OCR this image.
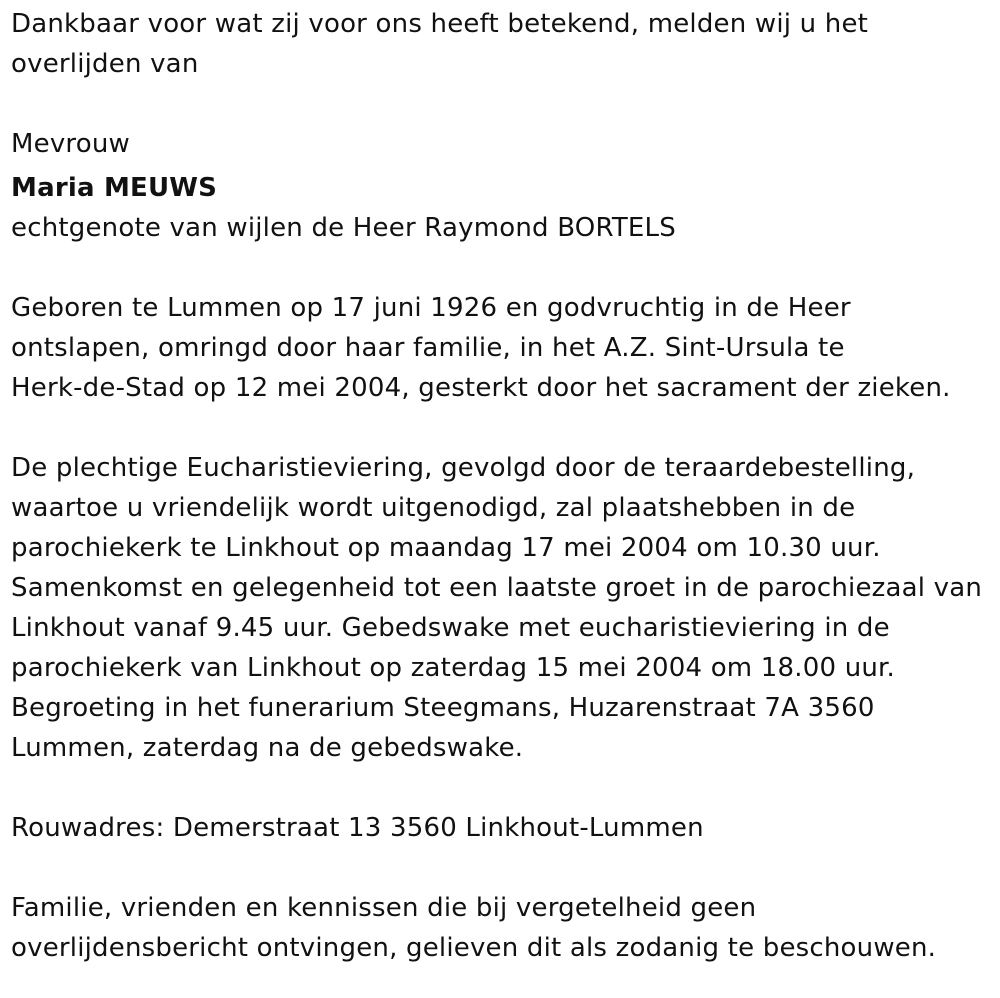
Dankbaar voor wat zij voor ons heeft betekend, melden wij u het
overlijden van

Mevrouw

Maria MEUWS

echtgenote van wijlen de Heer Raymond BORTELS

Geboren te Lummen op 17 juni 1926 en godvruchtig in de Heer
ontslapen, omringd door haar familie, in het A.Z. Sint-Ursula te
Herk-de-Stad op 12 mei 2004, gesterkt door het sacrament der zieken.

De plechtige Eucharistieviering, gevolgd door de teraardebestelling,
waartoe u vriendelijk wordt uitgenodigd, zal plaatshebben in de
parochiekerk te Linkhout op maandag 17 mei 2004 om 10.30 uur.
Samenkomst en gelegenheid tot een laatste groet in de parochiezaal van
Linkhout vanaf 9.45 uur. Gebedswake met eucharistieviering in de
parochiekerk van Linkhout op zaterdag 15 mei 2004 om 18.00 uur.
Begroeting in het funerarium Steegmans, Huzarenstraat 7A 3560
Lummen, zaterdag na de gebedswake.

Rouwadres: Demerstraat 13 3560 Linkhout-Lummen

Familie, vrienden en kennissen die bij vergetelheid geen
overlijdensbericht ontvingen, gelieven dit als zodanig te beschouwen.
